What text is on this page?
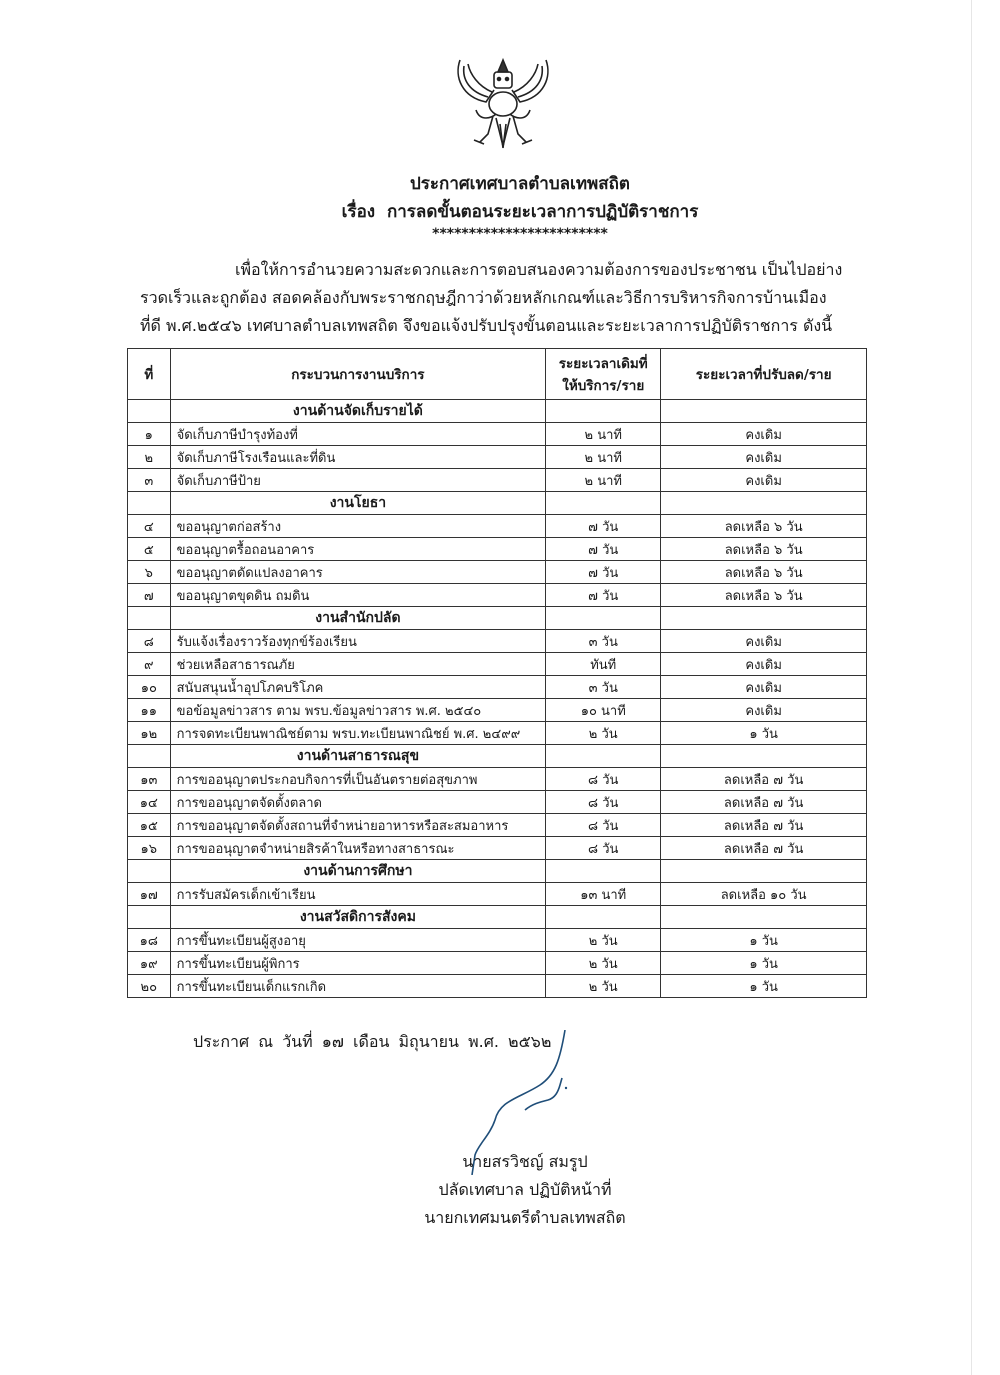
ประกาศเทศบาลตำบลเทพสถิต
เรื่อง การลดขั้นตอนระยะเวลาการปฏิบัติราชการ
************************
เพื่อให้การอำนวยความสะดวกและการตอบสนองความต้องการของประชาชน เป็นไปอย่าง
รวดเร็วและถูกต้อง สอดคล้องกับพระราชกฤษฎีกาว่าด้วยหลักเกณฑ์และวิธีการบริหารกิจการบ้านเมือง
ที่ดี พ.ศ.๒๕๔๖ เทศบาลตำบลเทพสถิต จึงขอแจ้งปรับปรุงขั้นตอนและระยะเวลาการปฏิบัติราชการ ดังนี้
ที่	กระบวนการงานบริการ	ระยะเวลาเดิมที่
ให้บริการ/ราย	ระยะเวลาที่ปรับลด/ราย
	งานด้านจัดเก็บรายได้		
๑	จัดเก็บภาษีบำรุงท้องที่	๒ นาที	คงเดิม
๒	จัดเก็บภาษีโรงเรือนและที่ดิน	๒ นาที	คงเดิม
๓	จัดเก็บภาษีป้าย	๒ นาที	คงเดิม
	งานโยธา		
๔	ขออนุญาตก่อสร้าง	๗ วัน	ลดเหลือ ๖ วัน
๕	ขออนุญาตรื้อถอนอาคาร	๗ วัน	ลดเหลือ ๖ วัน
๖	ขออนุญาตดัดแปลงอาคาร	๗ วัน	ลดเหลือ ๖ วัน
๗	ขออนุญาตขุดดิน ถมดิน	๗ วัน	ลดเหลือ ๖ วัน
	งานสำนักปลัด		
๘	รับแจ้งเรื่องราวร้องทุกข์ร้องเรียน	๓ วัน	คงเดิม
๙	ช่วยเหลือสาธารณภัย	ทันที	คงเดิม
๑๐	สนับสนุนน้ำอุปโภคบริโภค	๓ วัน	คงเดิม
๑๑	ขอข้อมูลข่าวสาร ตาม พรบ.ข้อมูลข่าวสาร พ.ศ. ๒๕๔๐	๑๐ นาที	คงเดิม
๑๒	การจดทะเบียนพาณิชย์ตาม พรบ.ทะเบียนพาณิชย์ พ.ศ. ๒๔๙๙	๒ วัน	๑ วัน
	งานด้านสาธารณสุข		
๑๓	การขออนุญาตประกอบกิจการที่เป็นอันตรายต่อสุขภาพ	๘ วัน	ลดเหลือ ๗ วัน
๑๔	การขออนุญาตจัดตั้งตลาด	๘ วัน	ลดเหลือ ๗ วัน
๑๕	การขออนุญาตจัดตั้งสถานที่จำหน่ายอาหารหรือสะสมอาหาร	๘ วัน	ลดเหลือ ๗ วัน
๑๖	การขออนุญาตจำหน่ายสิรค้าในหรือทางสาธารณะ	๘ วัน	ลดเหลือ ๗ วัน
	งานด้านการศึกษา		
๑๗	การรับสมัครเด็กเข้าเรียน	๑๓ นาที	ลดเหลือ ๑๐ วัน
	งานสวัสดิการสังคม		
๑๘	การขึ้นทะเบียนผู้สูงอายุ	๒ วัน	๑ วัน
๑๙	การขึ้นทะเบียนผู้พิการ	๒ วัน	๑ วัน
๒๐	การขึ้นทะเบียนเด็กแรกเกิด	๒ วัน	๑ วัน
ประกาศ ณ วันที่ ๑๗ เดือน มิถุนายน พ.ศ. ๒๕๖๒
นายสรวิชญ์ สมรูป
ปลัดเทศบาล ปฏิบัติหน้าที่
นายกเทศมนตรีตำบลเทพสถิต
